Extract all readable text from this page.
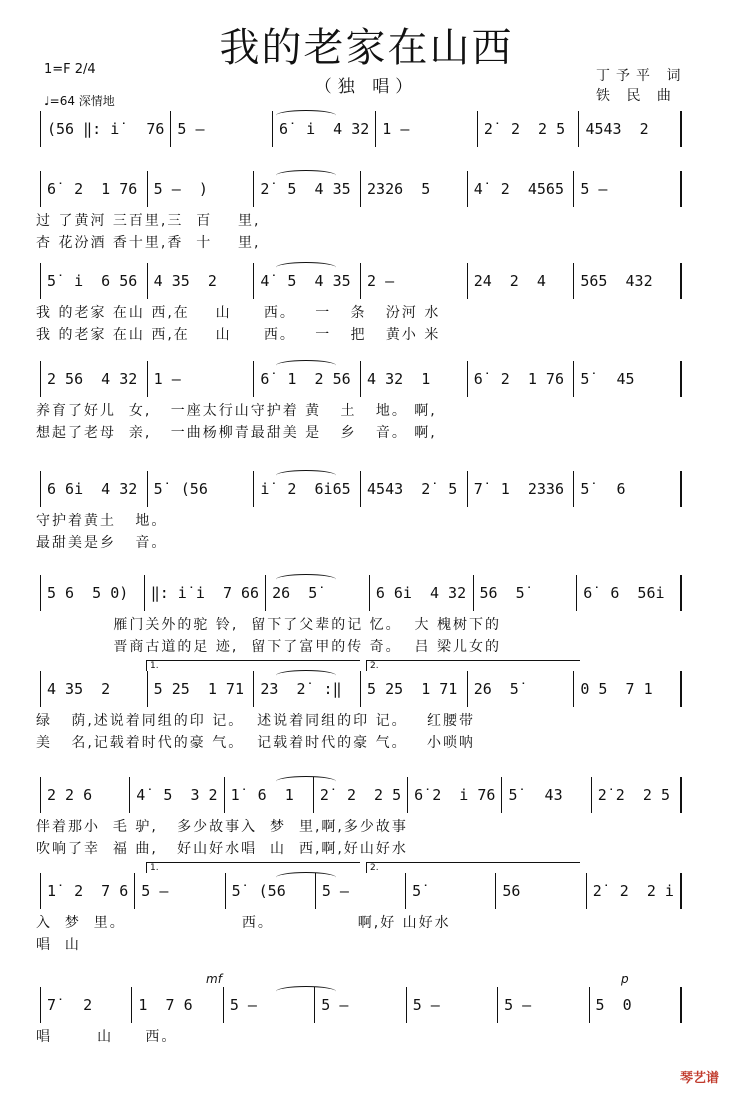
我的老家在山西
（独 唱）
1=F 2/4
♩=64 深情地
丁予平 词
铁 民 曲
(56 ‖: i˙  76 5 –	6˙ i  4 32 1 –	2˙ 2  2 5	4543  2
6˙ 2  1 76	5 –  )	2˙ 5  4 35	2326  5	4˙ 2  4565	5 –
过 了黄河 三百里,三  百    里,
杏 花汾酒 香十里,香  十    里,
5˙ i  6 56	4 35  2	4˙ 5  4 35	2 –	24  2  4	565  432
我 的老家 在山 西,在    山     西。   一   条   汾河 水
我 的老家 在山 西,在    山     西。   一   把   黄小 米
2 56  4 32	1 –	6˙ 1  2 56	4 32  1	6˙ 2  1 76	5˙  45
养育了好儿  女,   一座太行山守护着 黄   土   地。 啊,
想起了老母  亲,   一曲杨柳青最甜美 是   乡   音。 啊,
6 6i  4 32	5˙ (56	i˙ 2  6i65	4543  2˙ 5	7˙ 1  2336	5˙  6
守护着黄土   地。
最甜美是乡   音。
5 6  5 0)	‖: i˙i  7 66 26  5˙	6 6i  4 32 56  5˙	6˙ 6  56i
雁门关外的驼 铃,  留下了父辈的记 忆。  大 槐树下的
晋商古道的足 迹,  留下了富甲的传 奇。  吕 梁儿女的
4 35  2	5 25  1 71	23  2˙ :‖	5 25  1 71	26  5˙	0 5  7 1
绿   荫,述说着同组的印 记。  述说着同组的印 记。   红腰带
美   名,记载着时代的豪 气。  记载着时代的豪 气。   小唢呐
1.	2.
2 2 6	4˙ 5  3 2 1˙ 6  1	2˙ 2  2 5 6˙2  i 76 5˙  43	2˙2  2 5
伴着那小  毛 驴,   多少故事入  梦  里,啊,多少故事
吹响了幸  福 曲,   好山好水唱  山  西,啊,好山好水
1˙ 2  7 6 5 –	5˙ (56	5 –	5˙	56	2˙ 2  2 i
入  梦  里。                  西。             啊,好 山好水
唱  山
1.	2.
7˙  2	1  7 6	5 –	5 –	5 –	5 –	5  0
唱       山     西。
mf	p
琴艺谱
